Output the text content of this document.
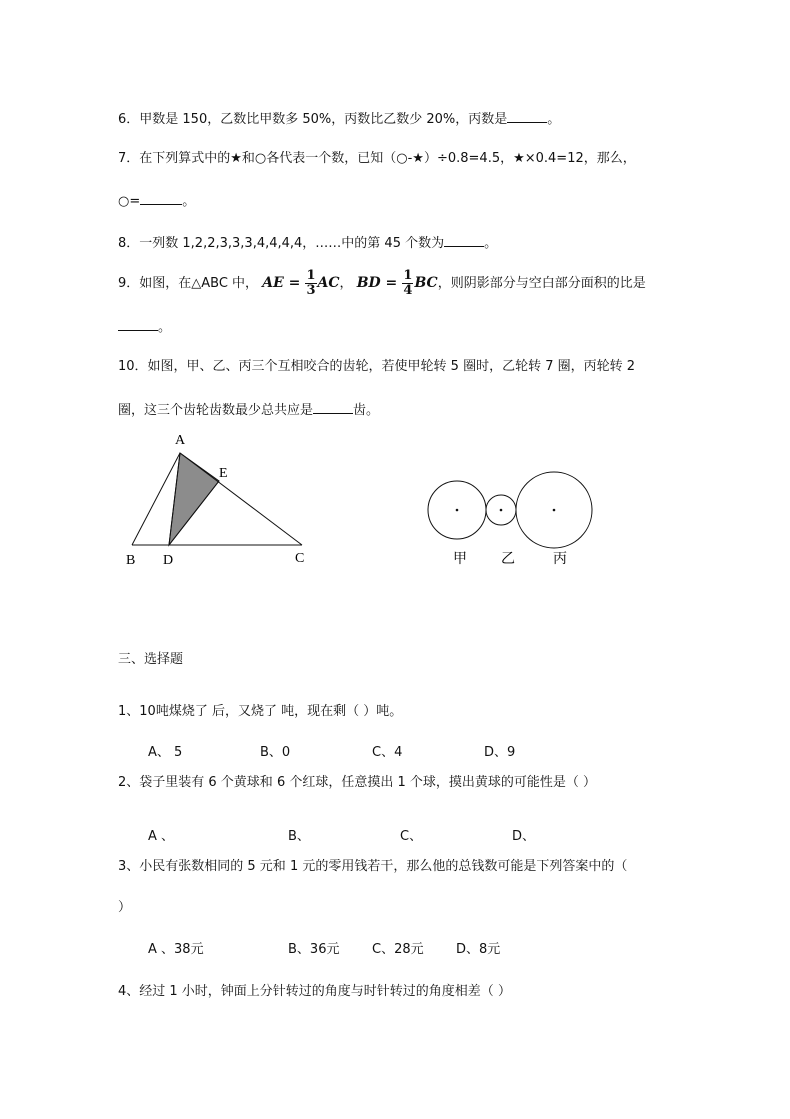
6．甲数是 150，乙数比甲数多 50%，丙数比乙数少 20%，丙数是	。
7．在下列算式中的★和○各代表一个数，已知（○-★）÷0.8=4.5，★×0.4=12，那么，
○=	。
8．一列数 1,2,2,3,3,3,4,4,4,4，……中的第 45 个数为	。
9．如图，在△ABC 中， AE = $\frac{1}{3}$ AC， BD = $\frac{1}{4}$ BC，则阴影部分与空白部分面积的比是
。
10．如图，甲、乙、丙三个互相咬合的齿轮，若使甲轮转 5 圈时，乙轮转 7 圈，丙轮转 2
圈，这三个齿轮齿数最少总共应是	齿。
A
E
B D	C	甲 乙	丙
三、选择题
1、10吨煤烧了 后，又烧了 吨，现在剩（ ）吨。
A、 5	B、0	C、4	D、9
2、袋子里装有 6 个黄球和 6 个红球，任意摸出 1 个球，摸出黄球的可能性是（ ）
A 、	B、	C、	D、
3、小民有张数相同的 5 元和 1 元的零用钱若干，那么他的总钱数可能是下列答案中的（
）
A 、38元	B、36元	C、28元 D、8元
4、经过 1 小时，钟面上分针转过的角度与时针转过的角度相差（ ）
